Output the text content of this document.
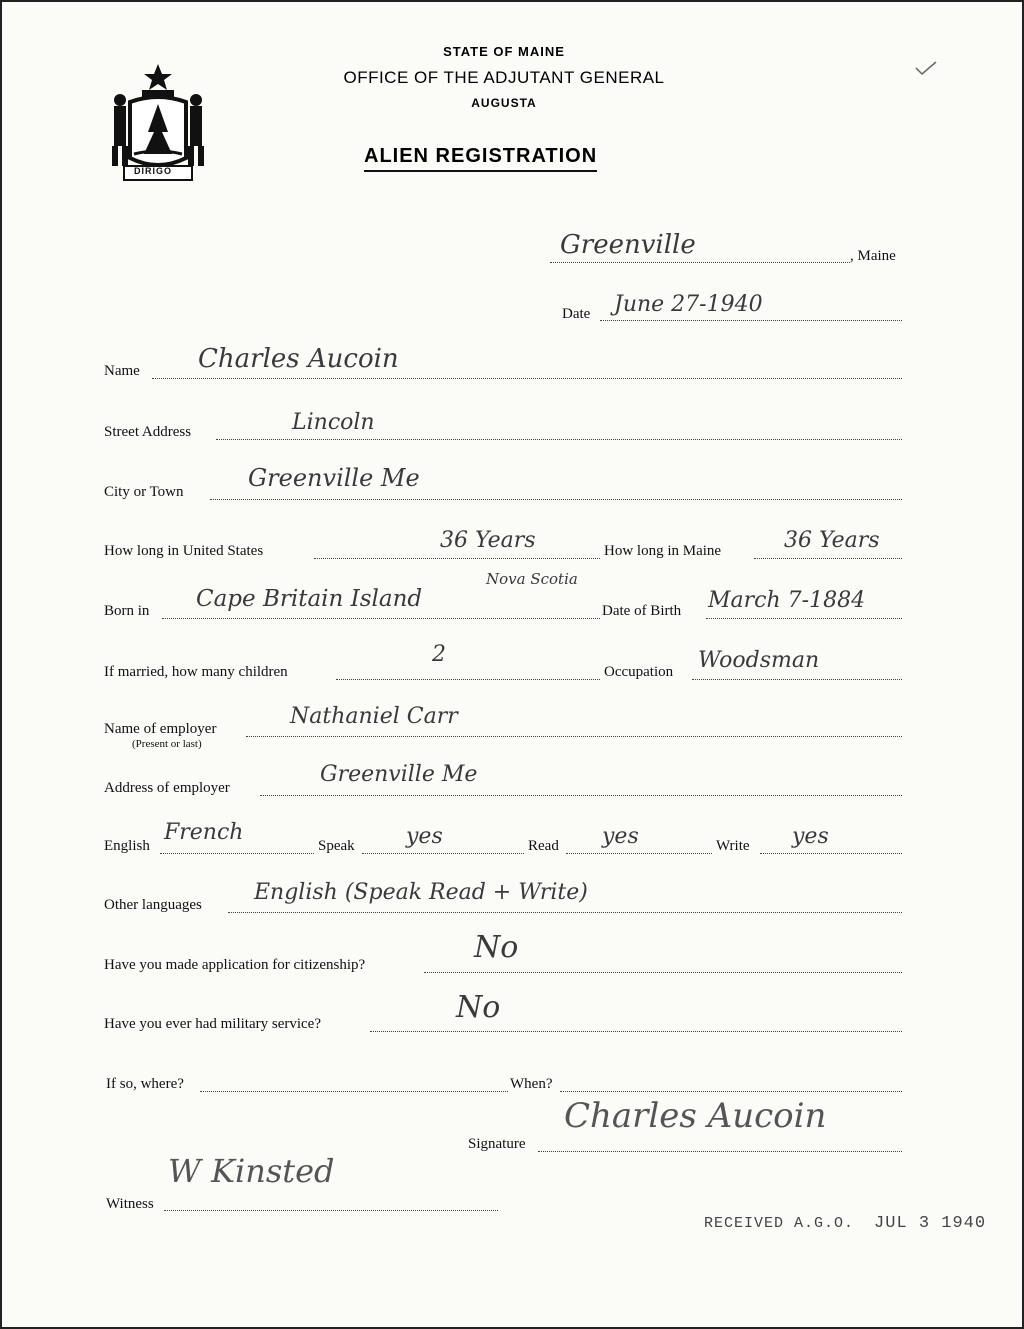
DIRIGO
STATE OF MAINE
OFFICE OF THE ADJUTANT GENERAL
AUGUSTA
ALIEN REGISTRATION
Greenville	, Maine
Date June 27-1940
Name Charles Aucoin
Street Address	Lincoln
City or Town	Greenville Me
How long in United States	36 Years	How long in Maine	36 Years
Nova Scotia
Born in Cape Britain Island	Date of Birth March 7-1884
If married, how many children
2
Occupation Woodsman
Name of employer
(Present or last)
Nathaniel Carr
Address of employer
Greenville Me
English
French
Speak yes	Read yes	Write yes
Other languages English (Speak Read + Write)
Have you made application for citizenship?	No
Have you ever had military service?	No
If so, where?	When?
Signature
Charles Aucoin
Witness
W Kinsted
RECEIVED A.G.O. JUL 3 1940
